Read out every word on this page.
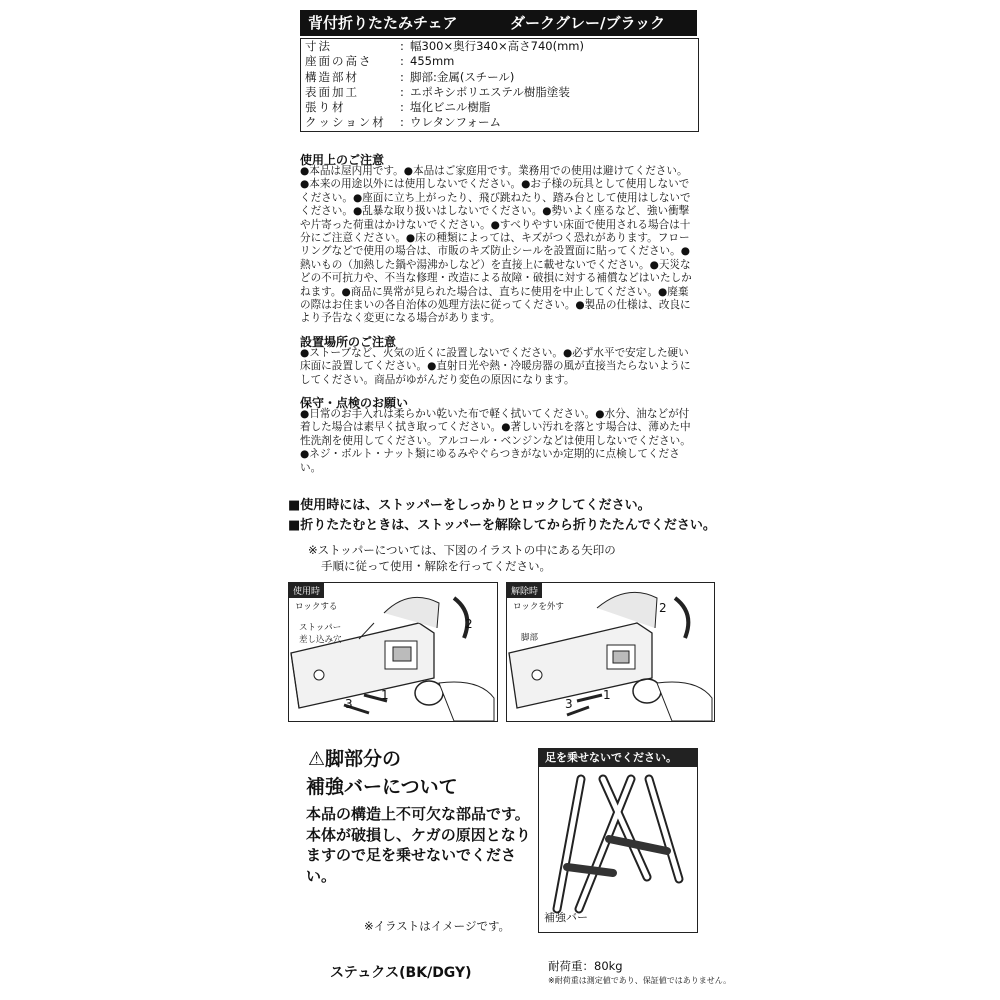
背付折りたたみチェア	ダークグレー/ブラック
寸法	: 幅300×奥行340×高さ740(mm)
座面の高さ	: 455mm
構造部材	: 脚部:金属(スチール)
表面加工	: エポキシポリエステル樹脂塗装
張り材	: 塩化ビニル樹脂
クッション材	: ウレタンフォーム
使用上のご注意
●本品は屋内用です。●本品はご家庭用です。業務用での使用は避けてください。●本来の用途以外には使用しないでください。●お子様の玩具として使用しないでください。●座面に立ち上がったり、飛び跳ねたり、踏み台として使用はしないでください。●乱暴な取り扱いはしないでください。●勢いよく座るなど、強い衝撃や片寄った荷重はかけないでください。●すべりやすい床面で使用される場合は十分にご注意ください。●床の種類によっては、キズがつく恐れがあります。フローリングなどで使用の場合は、市販のキズ防止シールを設置面に貼ってください。●熱いもの（加熱した鍋や湯沸かしなど）を直接上に載せないでください。●天災などの不可抗力や、不当な修理・改造による故障・破損に対する補償などはいたしかねます。●商品に異常が見られた場合は、直ちに使用を中止してください。●廃棄の際はお住まいの各自治体の処理方法に従ってください。●製品の仕様は、改良により予告なく変更になる場合があります。
設置場所のご注意
●ストーブなど、火気の近くに設置しないでください。●必ず水平で安定した硬い床面に設置してください。●直射日光や熱・冷暖房器の風が直接当たらないようにしてください。商品がゆがんだり変色の原因になります。
保守・点検のお願い
●日常のお手入れは柔らかい乾いた布で軽く拭いてください。●水分、油などが付着した場合は素早く拭き取ってください。●著しい汚れを落とす場合は、薄めた中性洗剤を使用してください。アルコール・ベンジンなどは使用しないでください。●ネジ・ボルト・ナット類にゆるみやぐらつきがないか定期的に点検してください。
■使用時には、ストッパーをしっかりとロックしてください。
■折りたたむときは、ストッパーを解除してから折りたたんでください。
※ストッパーについては、下図のイラストの中にある矢印の
手順に従って使用・解除を行ってください。
使用時
ロックする
ストッパー
差し込み穴
1
2
3
解除時
ロックを外す
脚部
1
2
3
⚠脚部分の
補強バーについて
本品の構造上不可欠な部品です。本体が破損し、ケガの原因となりますので足を乗せないでください。
足を乗せないでください。
補強バー
※イラストはイメージです。
ステュクス(BK/DGY)	耐荷重：80kg
※耐荷重は測定値であり、保証値ではありません。
